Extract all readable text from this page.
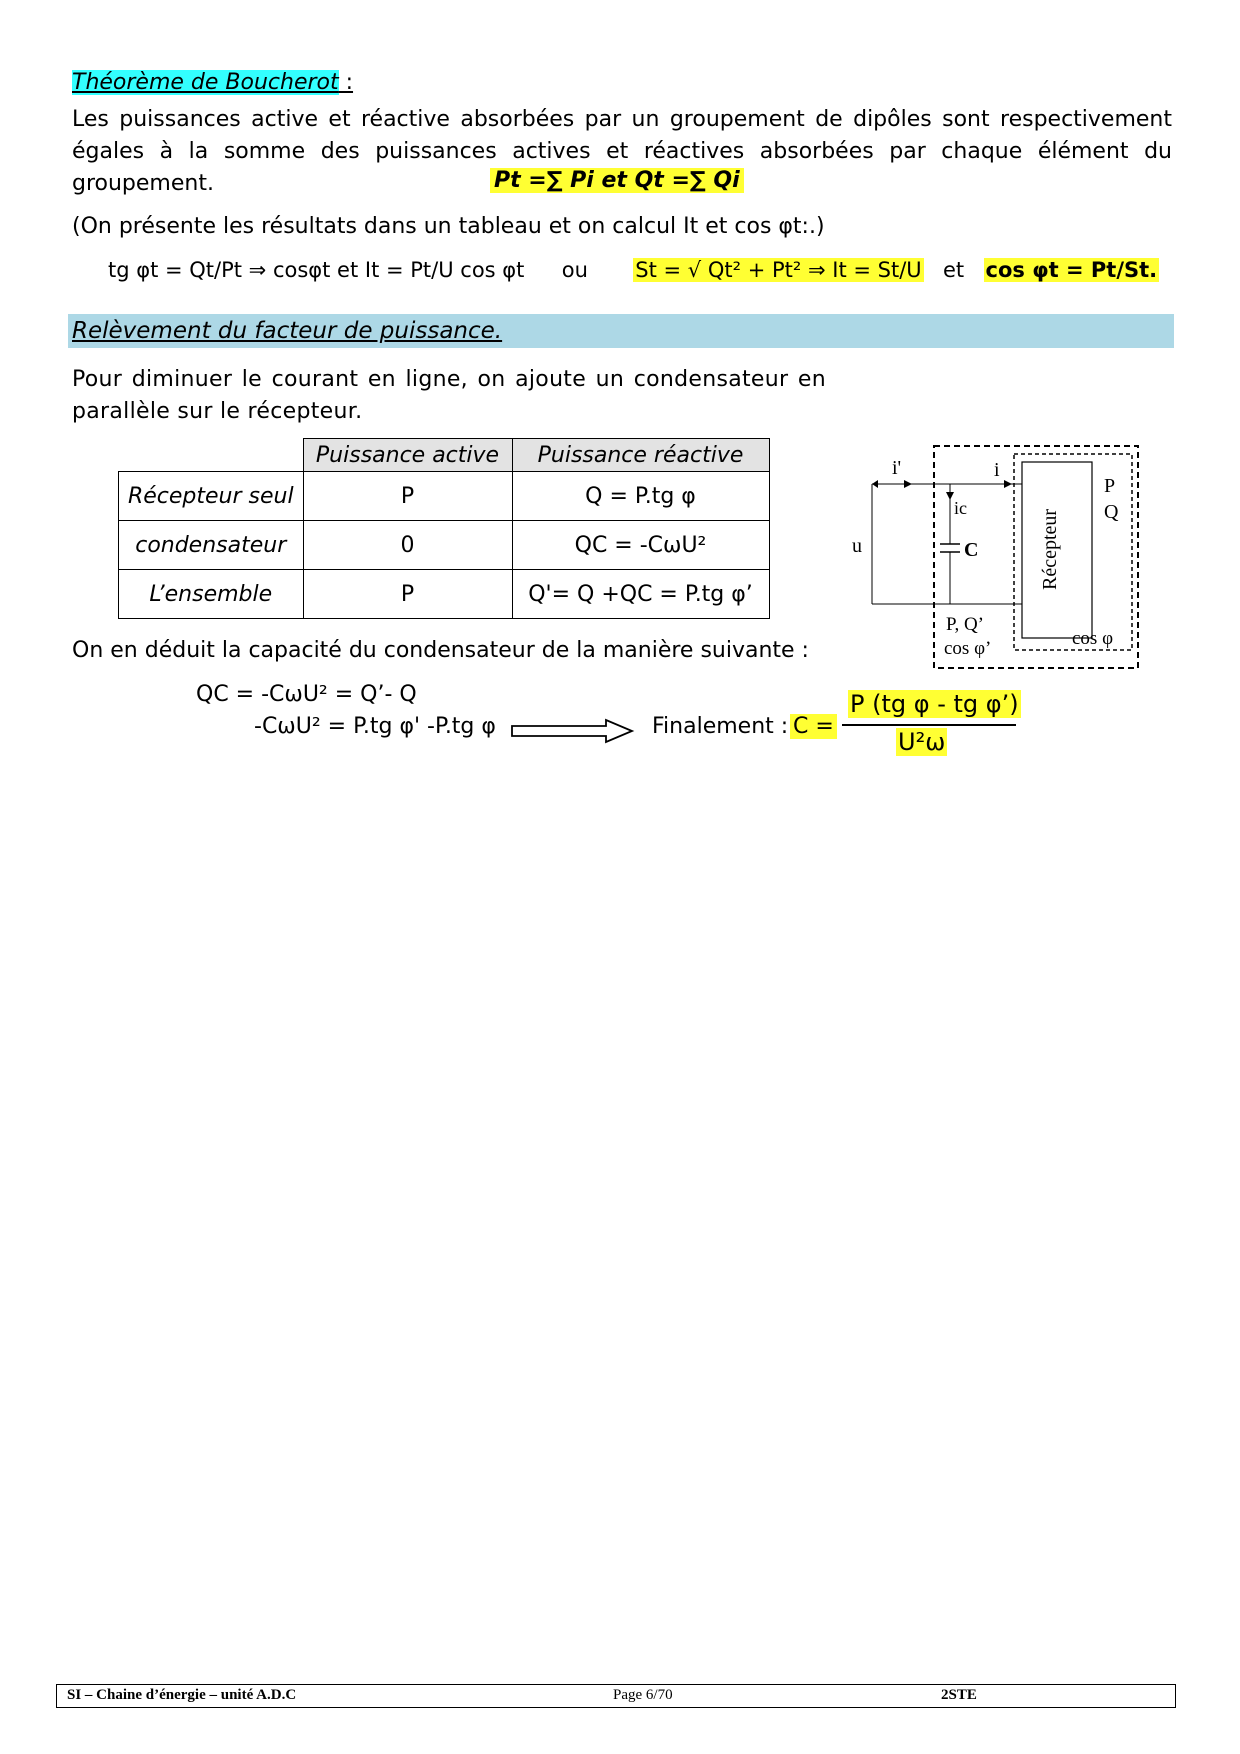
Théorème de Boucherot :
Les puissances active et réactive absorbées par un groupement de dipôles sont respectivement égales à la somme des puissances actives et réactives absorbées par chaque élément du groupement.	Pt =∑ Pi et Qt =∑ Qi
(On présente les résultats dans un tableau et on calcul It et cos φt:.)
tg φt = Qt/Pt ⇒ cosφt et It = Pt/U cos φt ou St = √ Qt² + Pt² ⇒ It = St/U et cos φt = Pt/St.
Relèvement du facteur de puissance.
Pour diminuer le courant en ligne, on ajoute un condensateur en parallèle sur le récepteur.
	Puissance active	Puissance réactive
Récepteur seul	P	Q = P.tg φ
condensateur	0	QC = -CωU²
L’ensemble	P	Q'= Q +QC = P.tg φ’
i'	i
u
ic
C	Récepteur
P
Q
P, Q’
cos φ’	cos φ
On en déduit la capacité du condensateur de la manière suivante :
QC = -CωU² = Q’- Q
-CωU² = P.tg φ' -P.tg φ	Finalement : C =
P (tg φ - tg φ’)
U²ω
SI – Chaine d’énergie – unité A.D.C	Page 6/70	2STE
